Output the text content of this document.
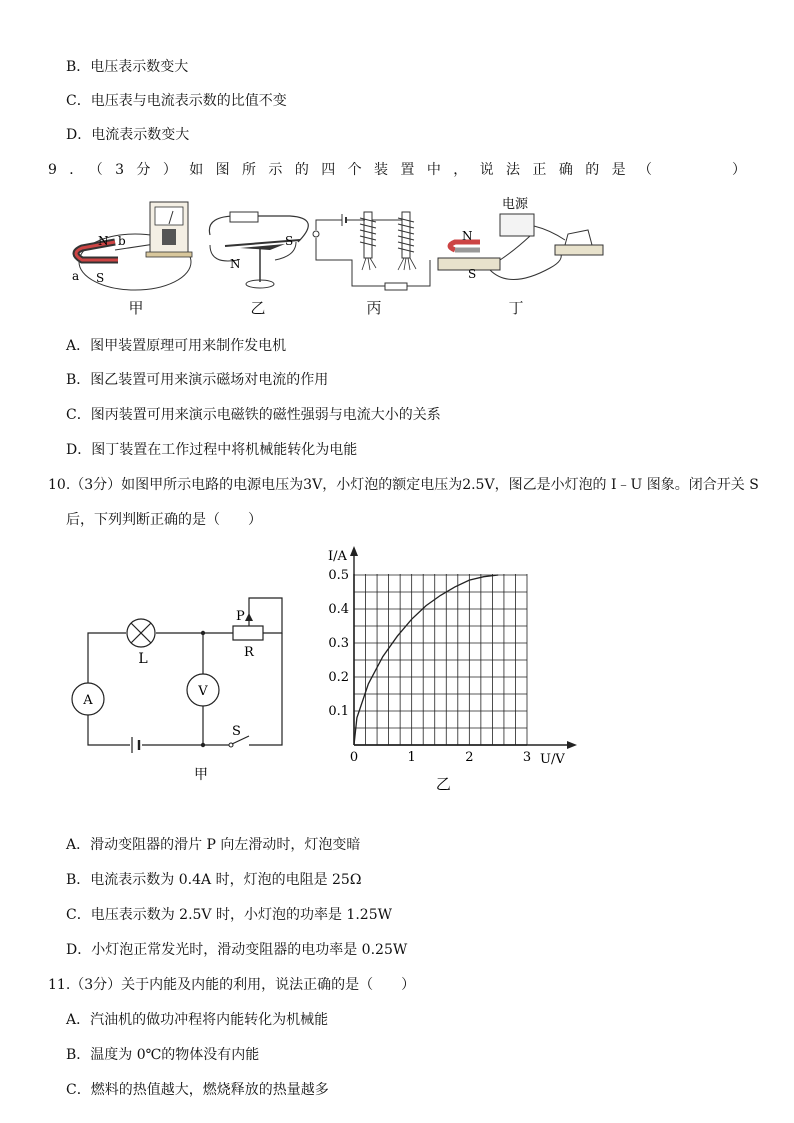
B．电压表示数变大
C．电压表与电流表示数的比值不变
D．电流表示数变大
9．（3分）如图所示的四个装置中，说法正确的是（	）
N
S
b
a
N
S
电源
N
S
甲	乙	丙	丁
A．图甲装置原理可用来制作发电机
B．图乙装置可用来演示磁场对电流的作用
C．图丙装置可用来演示电磁铁的磁性强弱与电流大小的关系
D．图丁装置在工作过程中将机械能转化为电能
10.（3分）如图甲所示电路的电源电压为3V，小灯泡的额定电压为2.5V，图乙是小灯泡的 I﹣U 图象。闭合开关 S
后，下列判断正确的是（　　）
L
P
R
A
V
S
甲
0.1
0.2
0.3
0.4
0.5
0	1	2	3
I/A
U/V
乙
A．滑动变阻器的滑片 P 向左滑动时，灯泡变暗
B．电流表示数为 0.4A 时，灯泡的电阻是 25Ω
C．电压表示数为 2.5V 时，小灯泡的功率是 1.25W
D．小灯泡正常发光时，滑动变阻器的电功率是 0.25W
11.（3分）关于内能及内能的利用，说法正确的是（　　）
A．汽油机的做功冲程将内能转化为机械能
B．温度为 0℃的物体没有内能
C．燃料的热值越大，燃烧释放的热量越多
